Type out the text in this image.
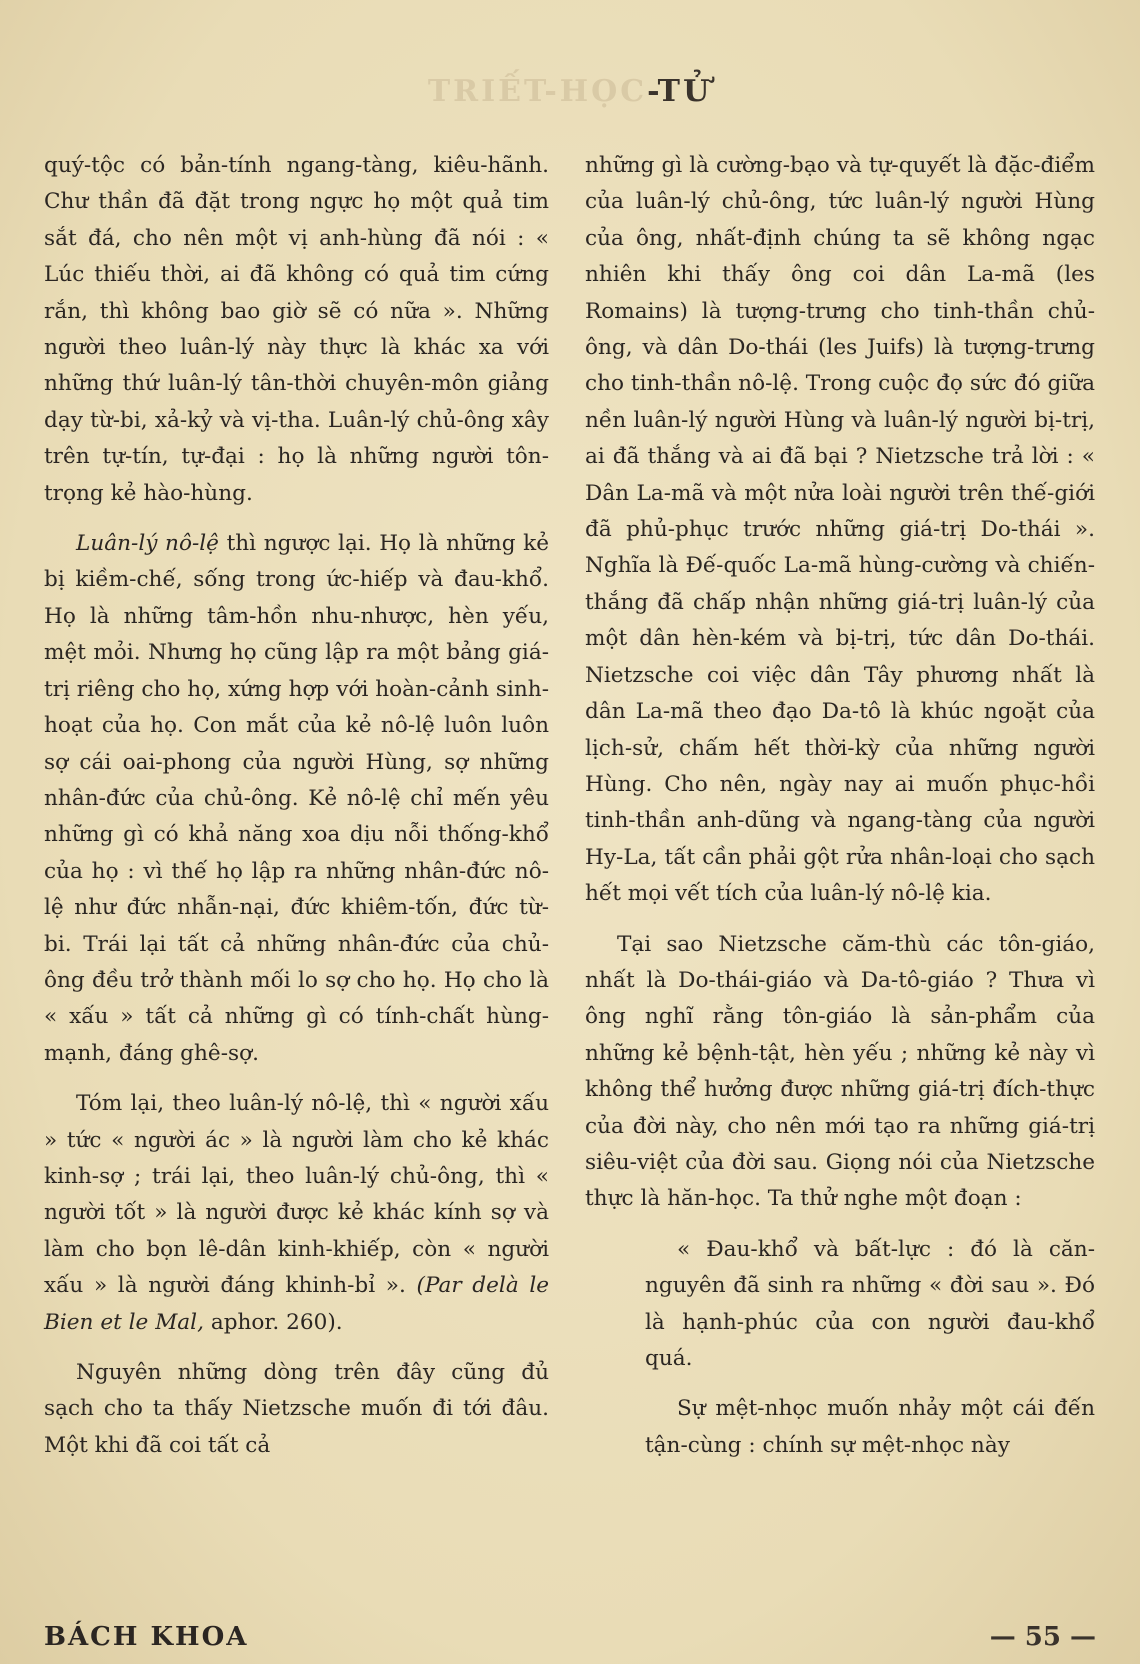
TRIẾT-HỌC-TỬ

quý-tộc có bản-tính ngang-tàng, kiêu-hãnh. Chư thần đã đặt trong ngực họ một quả tim sắt đá, cho nên một vị anh-hùng đã nói : « Lúc thiếu thời, ai đã không có quả tim cứng rắn, thì không bao giờ sẽ có nữa ». Những người theo luân-lý này thực là khác xa với những thứ luân-lý tân-thời chuyên-môn giảng dạy từ-bi, xả-kỷ và vị-tha. Luân-lý chủ-ông xây trên tự-tín, tự-đại : họ là những người tôn-trọng kẻ hào-hùng.

Luân-lý nô-lệ thì ngược lại. Họ là những kẻ bị kiềm-chế, sống trong ức-hiếp và đau-khổ. Họ là những tâm-hồn nhu-nhược, hèn yếu, mệt mỏi. Nhưng họ cũng lập ra một bảng giá-trị riêng cho họ, xứng hợp với hoàn-cảnh sinh-hoạt của họ. Con mắt của kẻ nô-lệ luôn luôn sợ cái oai-phong của người Hùng, sợ những nhân-đức của chủ-ông. Kẻ nô-lệ chỉ mến yêu những gì có khả năng xoa dịu nỗi thống-khổ của họ : vì thế họ lập ra những nhân-đức nô-lệ như đức nhẫn-nại, đức khiêm-tốn, đức từ-bi. Trái lại tất cả những nhân-đức của chủ-ông đều trở thành mối lo sợ cho họ. Họ cho là « xấu » tất cả những gì có tính-chất hùng-mạnh, đáng ghê-sợ.

Tóm lại, theo luân-lý nô-lệ, thì « người xấu » tức « người ác » là người làm cho kẻ khác kinh-sợ ; trái lại, theo luân-lý chủ-ông, thì « người tốt » là người được kẻ khác kính sợ và làm cho bọn lê-dân kinh-khiếp, còn « người xấu » là người đáng khinh-bỉ ». (Par delà le Bien et le Mal, aphor. 260).

Nguyên những dòng trên đây cũng đủ sạch cho ta thấy Nietzsche muốn đi tới đâu. Một khi đã coi tất cả

những gì là cường-bạo và tự-quyết là đặc-điểm của luân-lý chủ-ông, tức luân-lý người Hùng của ông, nhất-định chúng ta sẽ không ngạc nhiên khi thấy ông coi dân La-mã (les Romains) là tượng-trưng cho tinh-thần chủ-ông, và dân Do-thái (les Juifs) là tượng-trưng cho tinh-thần nô-lệ. Trong cuộc đọ sức đó giữa nền luân-lý người Hùng và luân-lý người bị-trị, ai đã thắng và ai đã bại ? Nietzsche trả lời : « Dân La-mã và một nửa loài người trên thế-giới đã phủ-phục trước những giá-trị Do-thái ». Nghĩa là Đế-quốc La-mã hùng-cường và chiến-thắng đã chấp nhận những giá-trị luân-lý của một dân hèn-kém và bị-trị, tức dân Do-thái. Nietzsche coi việc dân Tây phương nhất là dân La-mã theo đạo Da-tô là khúc ngoặt của lịch-sử, chấm hết thời-kỳ của những người Hùng. Cho nên, ngày nay ai muốn phục-hồi tinh-thần anh-dũng và ngang-tàng của người Hy-La, tất cần phải gột rửa nhân-loại cho sạch hết mọi vết tích của luân-lý nô-lệ kia.

Tại sao Nietzsche căm-thù các tôn-giáo, nhất là Do-thái-giáo và Da-tô-giáo ? Thưa vì ông nghĩ rằng tôn-giáo là sản-phẩm của những kẻ bệnh-tật, hèn yếu ; những kẻ này vì không thể hưởng được những giá-trị đích-thực của đời này, cho nên mới tạo ra những giá-trị siêu-việt của đời sau. Giọng nói của Nietzsche thực là hăn-học. Ta thử nghe một đoạn :

« Đau-khổ và bất-lực : đó là căn-nguyên đã sinh ra những « đời sau ». Đó là hạnh-phúc của con người đau-khổ quá.

Sự mệt-nhọc muốn nhảy một cái đến tận-cùng : chính sự mệt-nhọc này

BÁCH KHOA	— 55 —
